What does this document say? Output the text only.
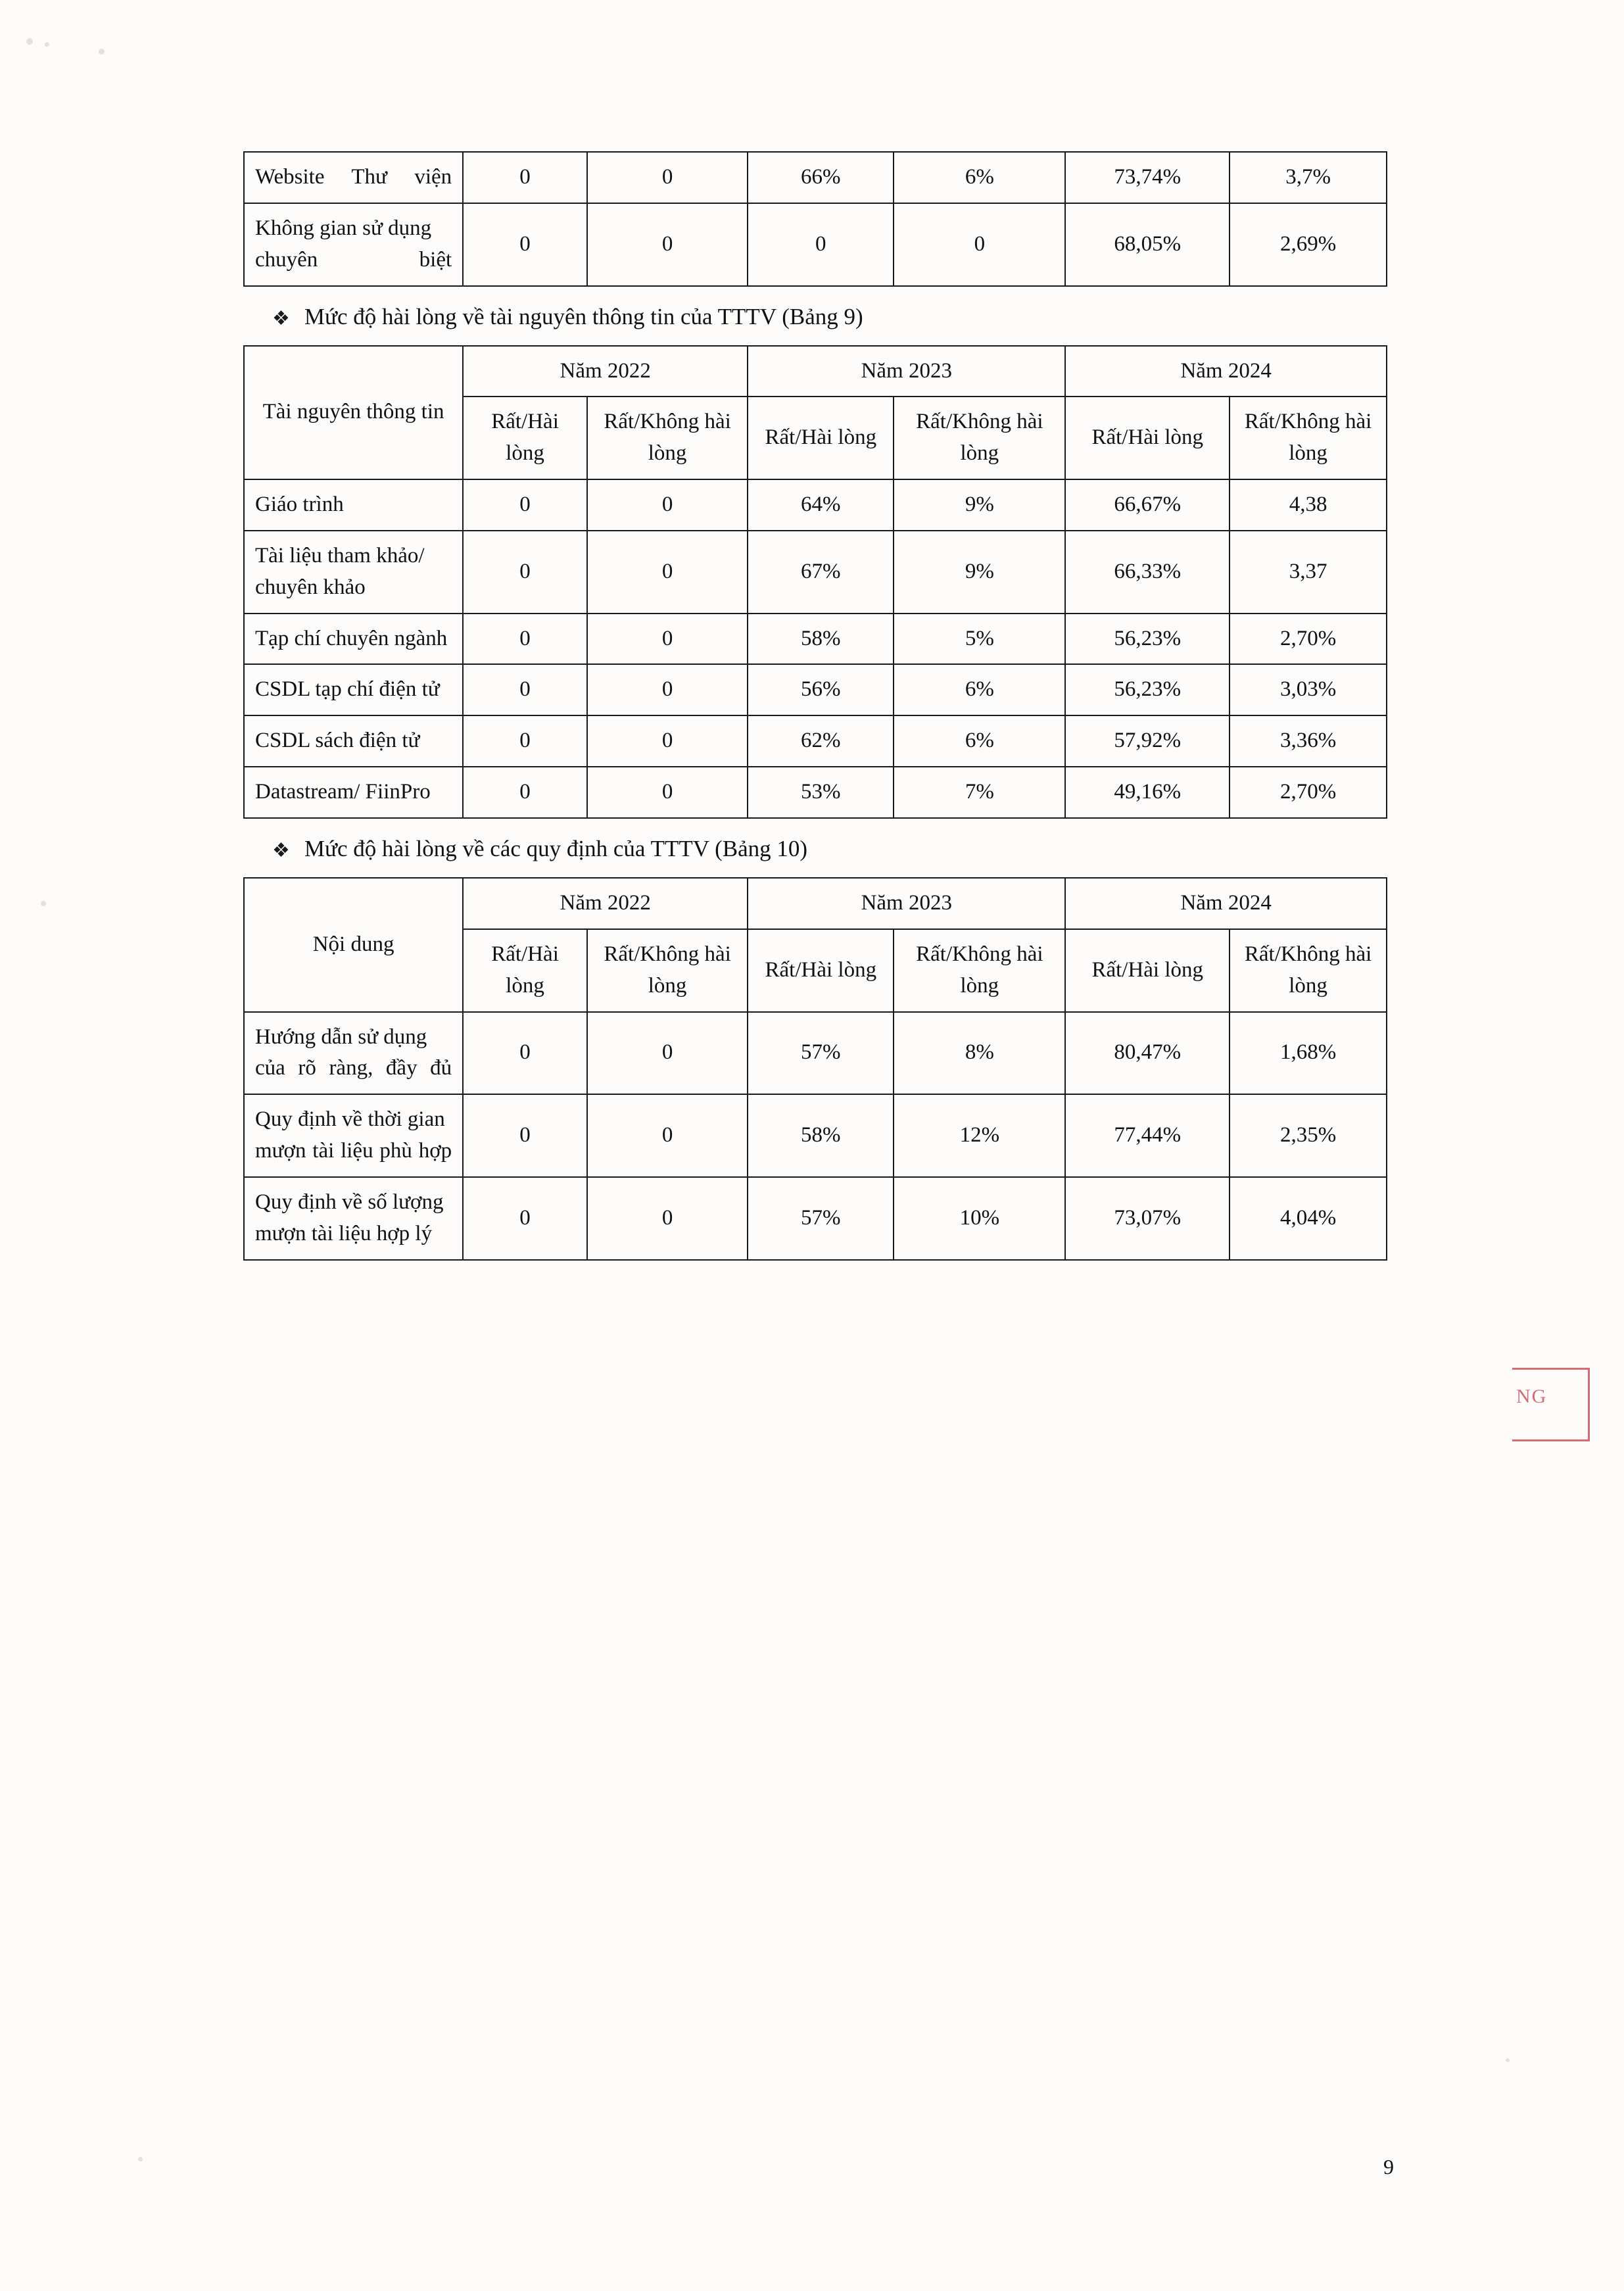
Website Thư viện	0	0	66%	6%	73,74%	3,7%
Không gian sử dụng chuyên biệt	0	0	0	0	68,05%	2,69%
❖ Mức độ hài lòng về tài nguyên thông tin của TTTV (Bảng 9)
Tài nguyên thông tin	Năm 2022		Năm 2023		Năm 2024	
	Rất/Hài lòng	Rất/Không hài lòng	Rất/Hài lòng	Rất/Không hài lòng	Rất/Hài lòng	Rất/Không hài lòng
Giáo trình	0	0	64%	9%	66,67%	4,38
Tài liệu tham khảo/ chuyên khảo	0	0	67%	9%	66,33%	3,37
Tạp chí chuyên ngành	0	0	58%	5%	56,23%	2,70%
CSDL tạp chí điện tử	0	0	56%	6%	56,23%	3,03%
CSDL sách điện tử	0	0	62%	6%	57,92%	3,36%
Datastream/ FiinPro	0	0	53%	7%	49,16%	2,70%
❖ Mức độ hài lòng về các quy định của TTTV (Bảng 10)
Nội dung	Năm 2022		Năm 2023		Năm 2024	
	Rất/Hài lòng	Rất/Không hài lòng	Rất/Hài lòng	Rất/Không hài lòng	Rất/Hài lòng	Rất/Không hài lòng
Hướng dẫn sử dụng của rõ ràng, đầy đủ	0	0	57%	8%	80,47%	1,68%
Quy định về thời gian mượn tài liệu phù hợp	0	0	58%	12%	77,44%	2,35%
Quy định về số lượng mượn tài liệu hợp lý	0	0	57%	10%	73,07%	4,04%
NG
9
